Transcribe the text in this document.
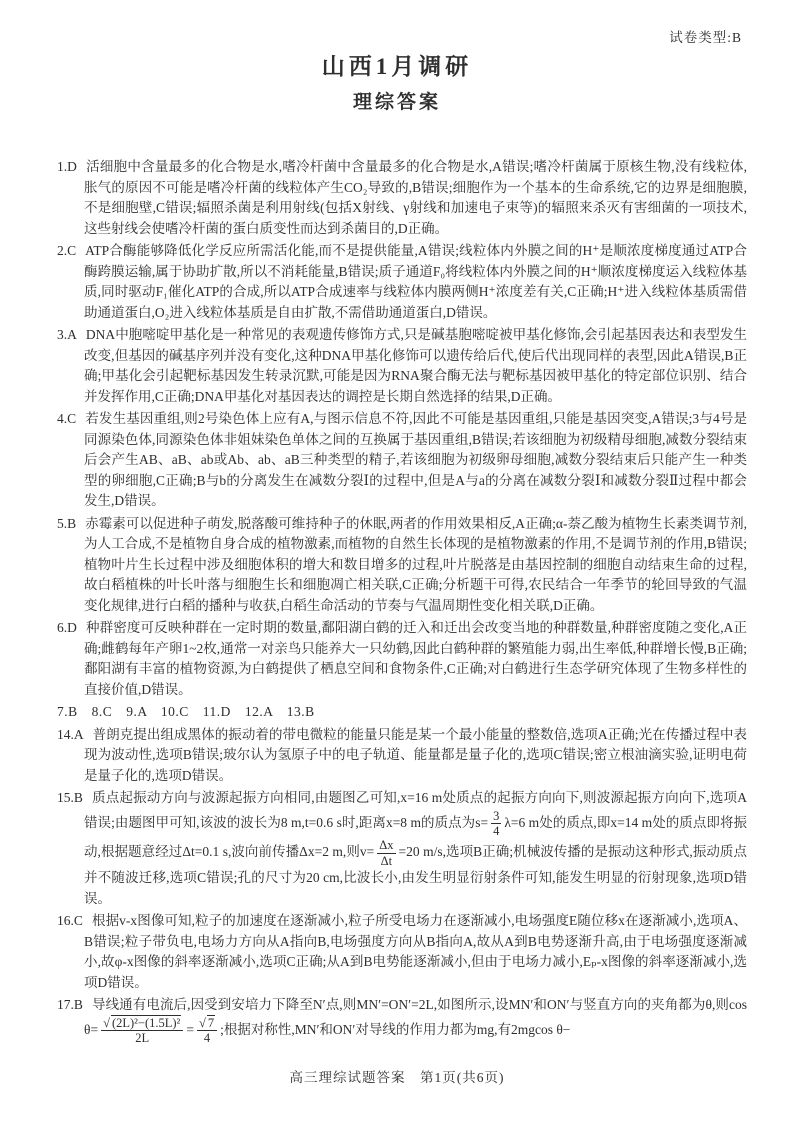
试卷类型:B
山西1月调研
理综答案
1.D 活细胞中含量最多的化合物是水,嗜冷杆菌中含量最多的化合物是水,A错误;嗜冷杆菌属于原核生物,没有线粒体,胀气的原因不可能是嗜冷杆菌的线粒体产生CO₂导致的,B错误;细胞作为一个基本的生命系统,它的边界是细胞膜,不是细胞壁,C错误;辐照杀菌是利用射线(包括X射线、γ射线和加速电子束等)的辐照来杀灭有害细菌的一项技术,这些射线会使嗜冷杆菌的蛋白质变性而达到杀菌目的,D正确。
2.C ATP合酶能够降低化学反应所需活化能,而不是提供能量,A错误;线粒体内外膜之间的H⁺是顺浓度梯度通过ATP合酶跨膜运输,属于协助扩散,所以不消耗能量,B错误;质子通道F₀将线粒体内外膜之间的H⁺顺浓度梯度运入线粒体基质,同时驱动F₁催化ATP的合成,所以ATP合成速率与线粒体内膜两侧H⁺浓度差有关,C正确;H⁺进入线粒体基质需借助通道蛋白,O₂进入线粒体基质是自由扩散,不需借助通道蛋白,D错误。
3.A DNA中胞嘧啶甲基化是一种常见的表观遗传修饰方式,只是碱基胞嘧啶被甲基化修饰,会引起基因表达和表型发生改变,但基因的碱基序列并没有变化,这种DNA甲基化修饰可以遗传给后代,使后代出现同样的表型,因此A错误,B正确;甲基化会引起靶标基因发生转录沉默,可能是因为RNA聚合酶无法与靶标基因被甲基化的特定部位识别、结合并发挥作用,C正确;DNA甲基化对基因表达的调控是长期自然选择的结果,D正确。
4.C 若发生基因重组,则2号染色体上应有A,与图示信息不符,因此不可能是基因重组,只能是基因突变,A错误;3与4号是同源染色体,同源染色体非姐妹染色单体之间的互换属于基因重组,B错误;若该细胞为初级精母细胞,减数分裂结束后会产生AB、aB、ab或Ab、ab、aB三种类型的精子,若该细胞为初级卵母细胞,减数分裂结束后只能产生一种类型的卵细胞,C正确;B与b的分离发生在减数分裂Ⅰ的过程中,但是A与a的分离在减数分裂Ⅰ和减数分裂Ⅱ过程中都会发生,D错误。
5.B 赤霉素可以促进种子萌发,脱落酸可维持种子的休眠,两者的作用效果相反,A正确;α-萘乙酸为植物生长素类调节剂,为人工合成,不是植物自身合成的植物激素,而植物的自然生长体现的是植物激素的作用,不是调节剂的作用,B错误;植物叶片生长过程中涉及细胞体积的增大和数目增多的过程,叶片脱落是由基因控制的细胞自动结束生命的过程,故白稻植株的叶长叶落与细胞生长和细胞凋亡相关联,C正确;分析题干可得,农民结合一年季节的轮回导致的气温变化规律,进行白稻的播种与收获,白稻生命活动的节奏与气温周期性变化相关联,D正确。
6.D 种群密度可反映种群在一定时期的数量,鄱阳湖白鹤的迁入和迁出会改变当地的种群数量,种群密度随之变化,A正确;雌鹤每年产卵1~2枚,通常一对亲鸟只能养大一只幼鹤,因此白鹤种群的繁殖能力弱,出生率低,种群增长慢,B正确;鄱阳湖有丰富的植物资源,为白鹤提供了栖息空间和食物条件,C正确;对白鹤进行生态学研究体现了生物多样性的直接价值,D错误。
7.B　8.C　9.A　10.C　11.D　12.A　13.B
14.A 普朗克提出组成黑体的振动着的带电微粒的能量只能是某一个最小能量的整数倍,选项A正确;光在传播过程中表现为波动性,选项B错误;玻尔认为氢原子中的电子轨道、能量都是量子化的,选项C错误;密立根油滴实验,证明电荷是量子化的,选项D错误。
15.B 质点起振动方向与波源起振方向相同,由题图乙可知,x=16 m处质点的起振方向向下,则波源起振方向向下,选项A错误;由题图甲可知,该波的波长为8 m,t=0.6 s时,距离x=8 m的质点为$s= \frac{3}{4} \lambda=6$ m处的质点,即x=14 m处的质点即将振动,根据题意经过Δt=0.1 s,波向前传播Δx=2 m,则$v= \frac{\Delta x}{\Delta t} =20$ m/s,选项B正确;机械波传播的是振动这种形式,振动质点并不随波迁移,选项C错误;孔的尺寸为20 cm,比波长小,由发生明显衍射条件可知,能发生明显的衍射现象,选项D错误。
16.C 根据v-x图像可知,粒子的加速度在逐渐减小,粒子所受电场力在逐渐减小,电场强度E随位移x在逐渐减小,选项A、B错误;粒子带负电,电场力方向从A指向B,电场强度方向从B指向A,故从A到B电势逐渐升高,由于电场强度逐渐减小,故φ-x图像的斜率逐渐减小,选项C正确;从A到B电势能逐渐减小,但由于电场力减小,Eₚ-x图像的斜率逐渐减小,选项D错误。
17.B 导线通有电流后,因受到安培力下降至N′点,则MN′=ON′=2L,如图所示,设MN′和ON′与竖直方向的夹角都为θ,则$\cos \theta= \frac{\text{√ (2L)²−(1.5L)²}}{2L} = \frac{√ 7}{4}$ ;根据对称性,MN′和ON′对导线的作用力都为mg,有2mgcos θ−
高三理综试题答案　第1页(共6页)
